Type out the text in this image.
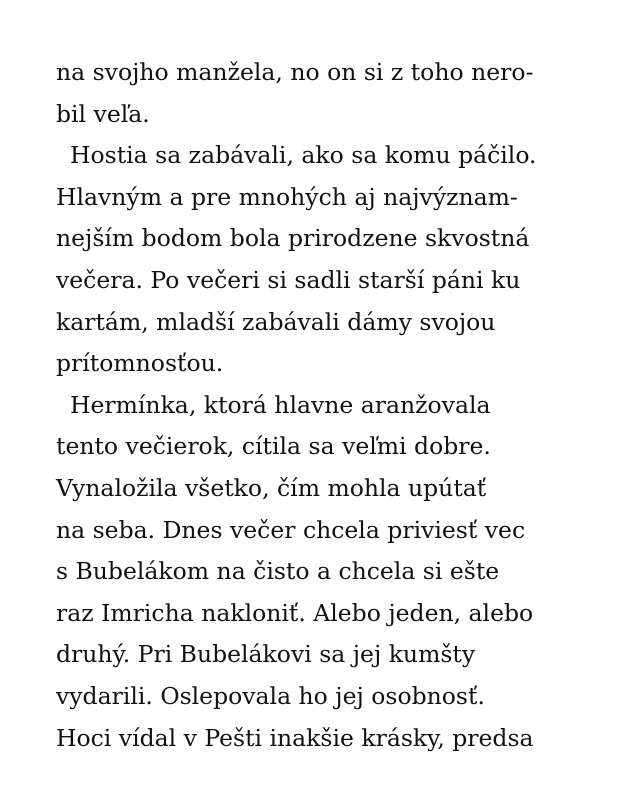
na svojho manžela, no on si z toho nero-
bil veľa.
Hostia sa zabávali, ako sa komu páčilo.
Hlavným a pre mnohých aj najvýznam-
nejším bodom bola prirodzene skvostná
večera. Po večeri si sadli starší páni ku
kartám, mladší zabávali dámy svojou
prítomnosťou.
Hermínka, ktorá hlavne aranžovala
tento večierok, cítila sa veľmi dobre.
Vynaložila všetko, čím mohla upútať
na seba. Dnes večer chcela priviesť vec
s Bubelákom na čisto a chcela si ešte
raz Imricha nakloniť. Alebo jeden, alebo
druhý. Pri Bubelákovi sa jej kumšty
vydarili. Oslepovala ho jej osobnosť.
Hoci vídal v Pešti inakšie krásky, predsa
